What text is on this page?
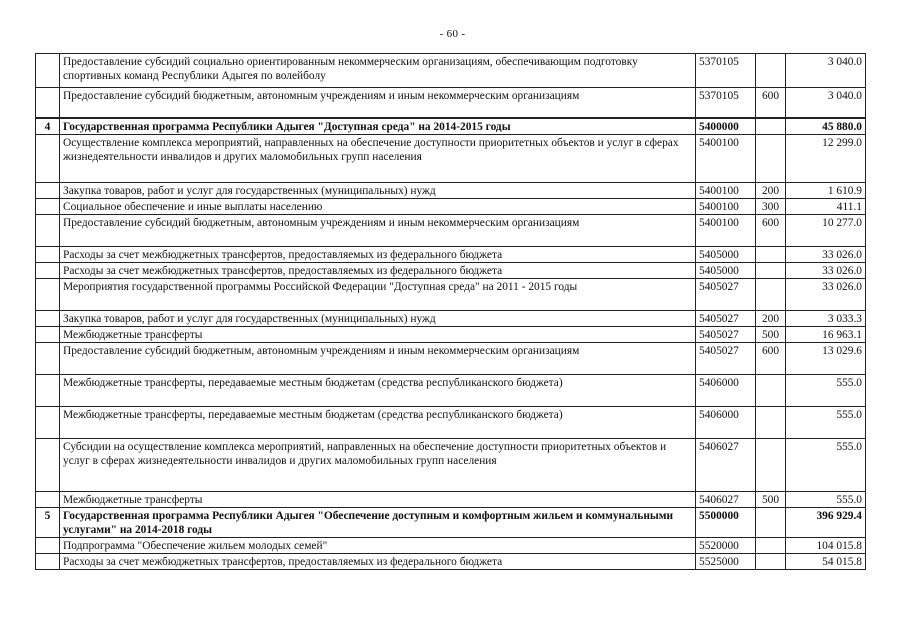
- 60 -
	Предоставление субсидий социально ориентированным некоммерческим организациям, обеспечивающим подготовку спортивных команд Республики Адыгея по волейболу	5370105		3 040.0
	Предоставление субсидий бюджетным, автономным учреждениям и иным некоммерческим организациям	5370105	600	3 040.0
4	Государственная программа Республики Адыгея "Доступная среда" на 2014-2015 годы	5400000		45 880.0
	Осуществление комплекса мероприятий, направленных на обеспечение доступности приоритетных объектов и услуг в сферах жизнедеятельности инвалидов и других маломобильных групп населения	5400100		12 299.0
	Закупка товаров, работ и услуг для государственных (муниципальных) нужд	5400100	200	1 610.9
	Социальное обеспечение и иные выплаты населению	5400100	300	411.1
	Предоставление субсидий бюджетным, автономным учреждениям и иным некоммерческим организациям	5400100	600	10 277.0
	Расходы за счет межбюджетных трансфертов, предоставляемых из федерального бюджета	5405000		33 026.0
	Расходы за счет межбюджетных трансфертов, предоставляемых из федерального бюджета	5405000		33 026.0
	Мероприятия государственной программы Российской Федерации "Доступная среда" на 2011 - 2015 годы	5405027		33 026.0
	Закупка товаров, работ и услуг для государственных (муниципальных) нужд	5405027	200	3 033.3
	Межбюджетные трансферты	5405027	500	16 963.1
	Предоставление субсидий бюджетным, автономным учреждениям и иным некоммерческим организациям	5405027	600	13 029.6
	Межбюджетные трансферты, передаваемые местным бюджетам (средства республиканского бюджета)	5406000		555.0
	Межбюджетные трансферты, передаваемые местным бюджетам (средства республиканского бюджета)	5406000		555.0
	Субсидии на осуществление комплекса мероприятий, направленных на обеспечение доступности приоритетных объектов и услуг в сферах жизнедеятельности инвалидов и других маломобильных групп населения	5406027		555.0
	Межбюджетные трансферты	5406027	500	555.0
5	Государственная программа Республики Адыгея "Обеспечение доступным и комфортным жильем и коммунальными услугами" на 2014-2018 годы	5500000		396 929.4
	Подпрограмма "Обеспечение жильем молодых семей"	5520000		104 015.8
	Расходы за счет межбюджетных трансфертов, предоставляемых из федерального бюджета	5525000		54 015.8
